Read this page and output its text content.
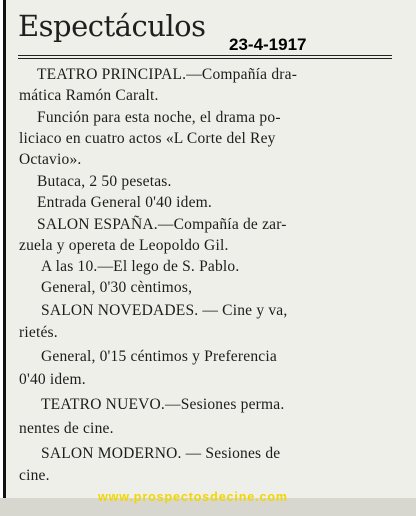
Espectáculos
23-4-1917
TEATRO PRINCIPAL.—Compañía dra-
mática Ramón Caralt.
Función para esta noche, el drama po-
liciaco en cuatro actos «L Corte del Rey
Octavio».
Butaca, 2 50 pesetas.
Entrada General 0'40 idem.
SALON ESPAÑA.—Compañía de zar-
zuela y opereta de Leopoldo Gil.
A las 10.—El lego de S. Pablo.
General, 0'30 cèntimos,
SALON NOVEDADES. — Cine y va,
rietés.
General, 0'15 céntimos y Preferencia
0'40 idem.
TEATRO NUEVO.—Sesiones perma.
nentes de cine.
SALON MODERNO. — Sesiones de
cine.
www.prospectosdecine.com
